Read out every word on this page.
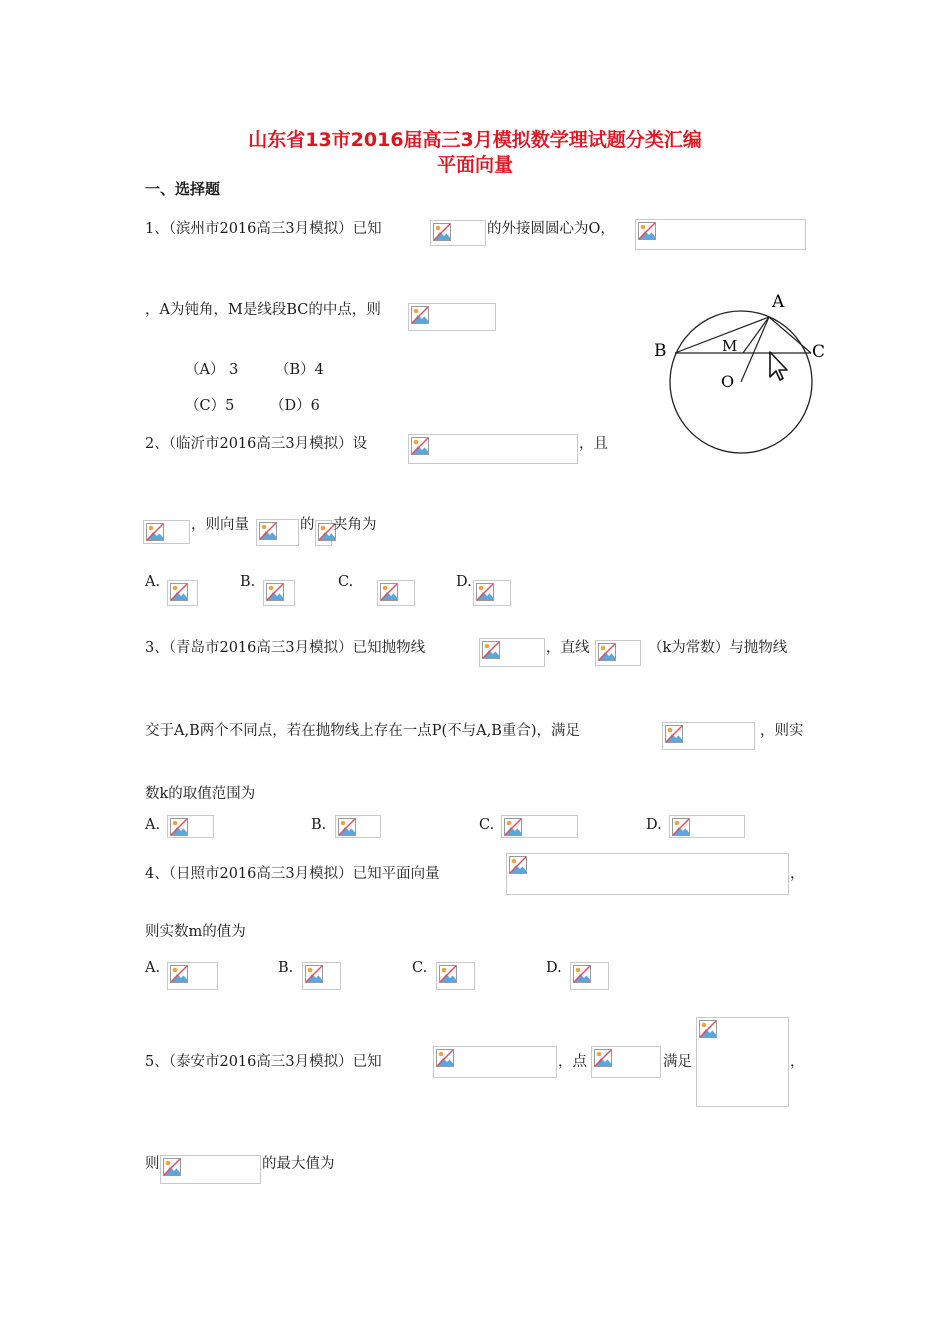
山东省13市2016届高三3月模拟数学理试题分类汇编
平面向量
一、选择题
1、（滨州市2016高三3月模拟）已知	的外接圆圆心为O，
，A为钝角，M是线段BC的中点，则
（A） 3	（B）4
（C）5 （D）6
A
B	C
M
O
2、（临沂市2016高三3月模拟）设	，且
，则向量	的 夹角为
A.	B.	C.	D.
3、（青岛市2016高三3月模拟）已知抛物线	，直线	（k为常数）与抛物线
交于A,B两个不同点，若在抛物线上存在一点P(不与A,B重合)，满足	，则实
数k的取值范围为
A.	B.	C.	D.
4、（日照市2016高三3月模拟）已知平面向量	，
则实数m的值为
A.	B.	C.	D.
5、（泰安市2016高三3月模拟）已知	，点	满足	，
则	的最大值为
